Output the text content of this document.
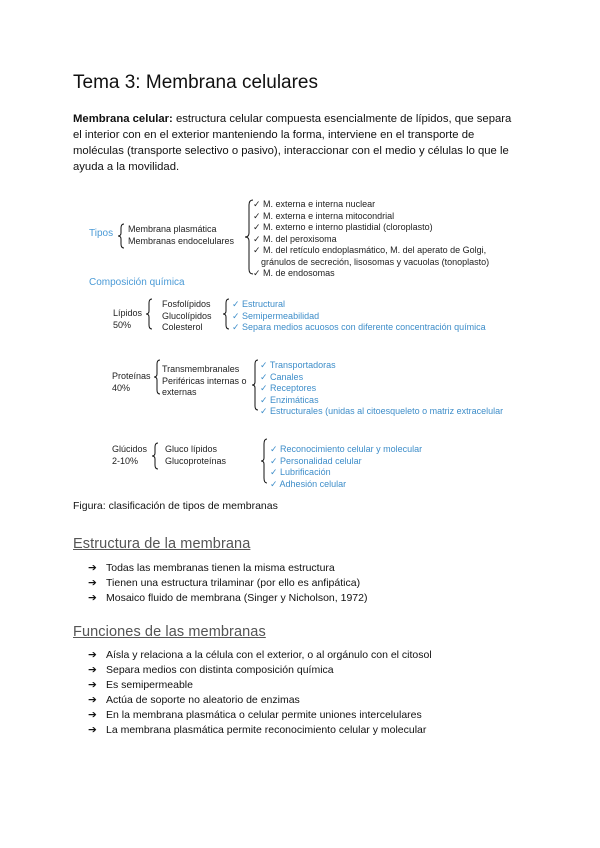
Tema 3: Membrana celulares

Membrana celular: estructura celular compuesta esencialmente de lípidos, que separa el interior con en el exterior manteniendo la forma, interviene en el transporte de moléculas (transporte selectivo o pasivo), interaccionar con el medio y células lo que le ayuda a la movilidad.

Tipos Membrana plasmática
Membranas endocelulares
✓ M. externa e interna nuclear
✓ M. externa e interna mitocondrial
✓ M. externo e interno plastidial (cloroplasto)
✓ M. del peroxisoma
✓ M. del retículo endoplasmático, M. del aperato de Golgi,
gránulos de secreción, lisosomas y vacuolas (tonoplasto)
✓ M. de endosomas
Composición química
Lípidos
50%
Fosfolípidos
Glucolípidos
Colesterol
✓ Estructural
✓ Semipermeabilidad
✓ Separa medios acuosos con diferente concentración química
Proteínas
40%
Transmembranales
Periféricas internas o
externas
✓ Transportadoras
✓ Canales
✓ Receptores
✓ Enzimáticas
✓ Estructurales (unidas al citoesqueleto o matriz extracelular
Glúcidos
2-10%
Gluco lípidos
Glucoproteínas
✓ Reconocimiento celular y molecular
✓ Personalidad celular
✓ Lubrificación
✓ Adhesión celular
Figura: clasificación de tipos de membranas
Estructura de la membrana
➔ Todas las membranas tienen la misma estructura
➔ Tienen una estructura trilaminar (por ello es anfipática)
➔ Mosaico fluido de membrana (Singer y Nicholson, 1972)
Funciones de las membranas
➔ Aísla y relaciona a la célula con el exterior, o al orgánulo con el citosol
➔ Separa medios con distinta composición química
➔ Es semipermeable
➔ Actúa de soporte no aleatorio de enzimas
➔ En la membrana plasmática o celular permite uniones intercelulares
➔ La membrana plasmática permite reconocimiento celular y molecular
